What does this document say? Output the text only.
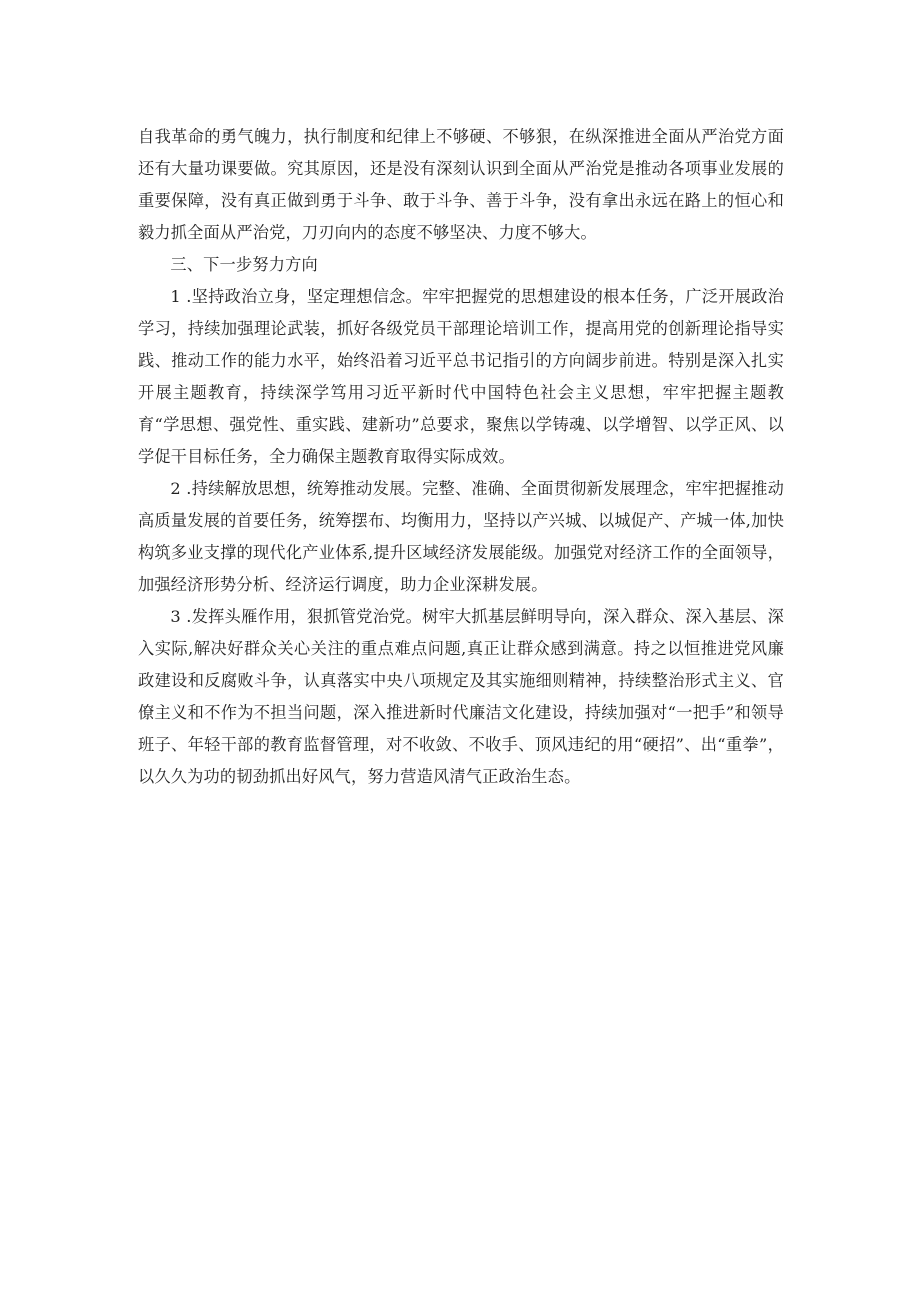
自我革命的勇气魄力，执行制度和纪律上不够硬、不够狠，在纵深推进全面从严治党方面还有大量功课要做。究其原因，还是没有深刻认识到全面从严治党是推动各项事业发展的重要保障，没有真正做到勇于斗争、敢于斗争、善于斗争，没有拿出永远在路上的恒心和毅力抓全面从严治党，刀刃向内的态度不够坚决、力度不够大。

三、下一步努力方向

1 .坚持政治立身，坚定理想信念。牢牢把握党的思想建设的根本任务，广泛开展政治学习，持续加强理论武装，抓好各级党员干部理论培训工作，提高用党的创新理论指导实践、推动工作的能力水平，始终沿着习近平总书记指引的方向阔步前进。特别是深入扎实开展主题教育，持续深学笃用习近平新时代中国特色社会主义思想，牢牢把握主题教育“学思想、强党性、重实践、建新功”总要求，聚焦以学铸魂、以学增智、以学正风、以学促干目标任务，全力确保主题教育取得实际成效。

2 .持续解放思想，统筹推动发展。完整、准确、全面贯彻新发展理念，牢牢把握推动高质量发展的首要任务，统筹摆布、均衡用力，坚持以产兴城、以城促产、产城一体,加快构筑多业支撑的现代化产业体系,提升区域经济发展能级。加强党对经济工作的全面领导，加强经济形势分析、经济运行调度，助力企业深耕发展。

3 .发挥头雁作用，狠抓管党治党。树牢大抓基层鲜明导向，深入群众、深入基层、深入实际,解决好群众关心关注的重点难点问题,真正让群众感到满意。持之以恒推进党风廉政建设和反腐败斗争，认真落实中央八项规定及其实施细则精神，持续整治形式主义、官僚主义和不作为不担当问题，深入推进新时代廉洁文化建设，持续加强对“一把手”和领导班子、年轻干部的教育监督管理，对不收敛、不收手、顶风违纪的用“硬招”、出“重拳”，以久久为功的韧劲抓出好风气，努力营造风清气正政治生态。
